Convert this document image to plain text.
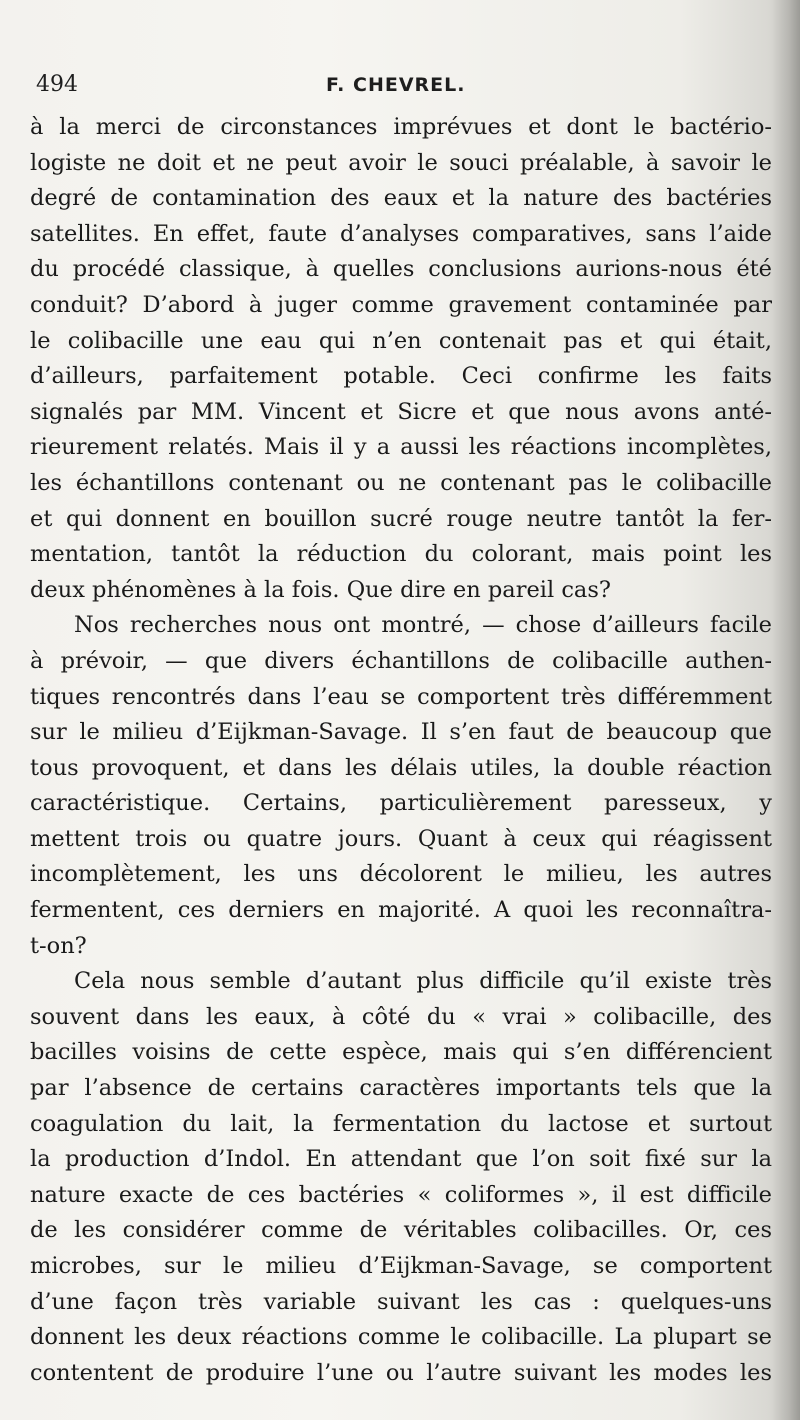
494	F. CHEVREL.
à la merci de circonstances imprévues et dont le bactério-
logiste ne doit et ne peut avoir le souci préalable, à savoir le
degré de contamination des eaux et la nature des bactéries
satellites. En effet, faute d’analyses comparatives, sans l’aide
du procédé classique, à quelles conclusions aurions-nous été
conduit? D’abord à juger comme gravement contaminée par
le colibacille une eau qui n’en contenait pas et qui était,
d’ailleurs, parfaitement potable. Ceci confirme les faits
signalés par MM. Vincent et Sicre et que nous avons anté-
rieurement relatés. Mais il y a aussi les réactions incomplètes,
les échantillons contenant ou ne contenant pas le colibacille
et qui donnent en bouillon sucré rouge neutre tantôt la fer-
mentation, tantôt la réduction du colorant, mais point les
deux phénomènes à la fois. Que dire en pareil cas?
Nos recherches nous ont montré, — chose d’ailleurs facile
à prévoir, — que divers échantillons de colibacille authen-
tiques rencontrés dans l’eau se comportent très différemment
sur le milieu d’Eijkman-Savage. Il s’en faut de beaucoup que
tous provoquent, et dans les délais utiles, la double réaction
caractéristique. Certains, particulièrement paresseux, y
mettent trois ou quatre jours. Quant à ceux qui réagissent
incomplètement, les uns décolorent le milieu, les autres
fermentent, ces derniers en majorité. A quoi les reconnaîtra-
t-on?
Cela nous semble d’autant plus difficile qu’il existe très
souvent dans les eaux, à côté du « vrai » colibacille, des
bacilles voisins de cette espèce, mais qui s’en différencient
par l’absence de certains caractères importants tels que la
coagulation du lait, la fermentation du lactose et surtout
la production d’Indol. En attendant que l’on soit fixé sur la
nature exacte de ces bactéries « coliformes », il est difficile
de les considérer comme de véritables colibacilles. Or, ces
microbes, sur le milieu d’Eijkman-Savage, se comportent
d’une façon très variable suivant les cas : quelques-uns
donnent les deux réactions comme le colibacille. La plupart se
contentent de produire l’une ou l’autre suivant les modes les
